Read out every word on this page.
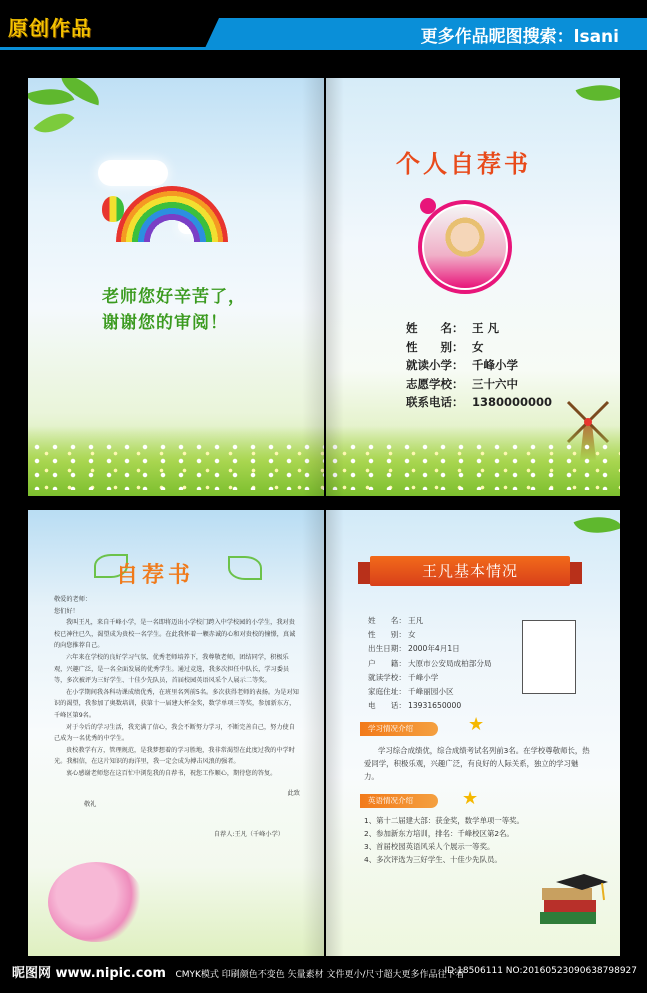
原创作品	更多作品昵图搜索：lsani
老师您好辛苦了，
谢谢您的审阅！
个人自荐书
姓　　名： 王 凡
性　　别： 女
就读小学： 千峰小学
志愿学校： 三十六中
联系电话： 1380000000
自荐书

敬爱的老师：

您们好！

我叫王凡，来自千峰小学，是一名即将迈出小学校门跨入中学校园的小学生，我对贵校已神往已久，渴望成为贵校一名学生。在此我怀着一颗赤诚的心和对贵校的憧憬，真诚的向您推荐自己。

六年来在学校的良好学习气氛、优秀老师培养下，我尊敬老师，团结同学，积极乐观，兴趣广泛，是一名全面发展的优秀学生。通过竞选，我多次担任中队长，学习委员等，多次被评为三好学生、十佳少先队员，首届校园英语风采个人展示二等奖。

在小学期间我各科功课成绩优秀，在班里名列前5名。多次获得老师的表扬。为是对知识的渴望，我参加了奥数培训，获第十一届建大杯金奖，数学单项三等奖，参加新东方，千峰区第9名。

对于今后的学习生活，我充满了信心，我会不断努力学习，不断完善自己，努力使自己成为一名优秀的中学生。

贵校教学有方，管理规范，是我梦想着的学习胜地，我非常渴望在此度过我的中学时光。我相信，在这片知识的海洋里，我一定会成为搏击风浪的强者。

衷心感谢老师您在这百忙中浏览我的自荐书，祝您工作顺心，期待您的答复。

此致

敬礼

自荐人:王凡（千峰小学）

王凡基本情况
姓　　名： 王凡
性　　别： 女
出生日期： 2000年4月1日
户　　籍： 大原市公安局成柏部分局
就读学校： 千峰小学
家庭住址： 千峰丽园小区
电　　话： 13931650000
学习情况介绍	★
学习综合成绩优，综合成绩考试名列前3名。在学校尊敬师长，热爱同学，积极乐观，兴趣广泛，有良好的人际关系，独立的学习魅力。
英语情况介绍	★
1、第十二届建大部：获金奖，数学单项一等奖。
2、参加新东方培训，排名：千峰校区第2名。
3、首届校园英语风采人个展示一等奖。
4、多次评选为三好学生、十佳少先队员。
昵图网 www.nipic.com CMYK模式 印刷颜色不变色 矢量素材 文件更小/尺寸超大更多作品往下看
ID:18506111 NO:20160523090638798927
